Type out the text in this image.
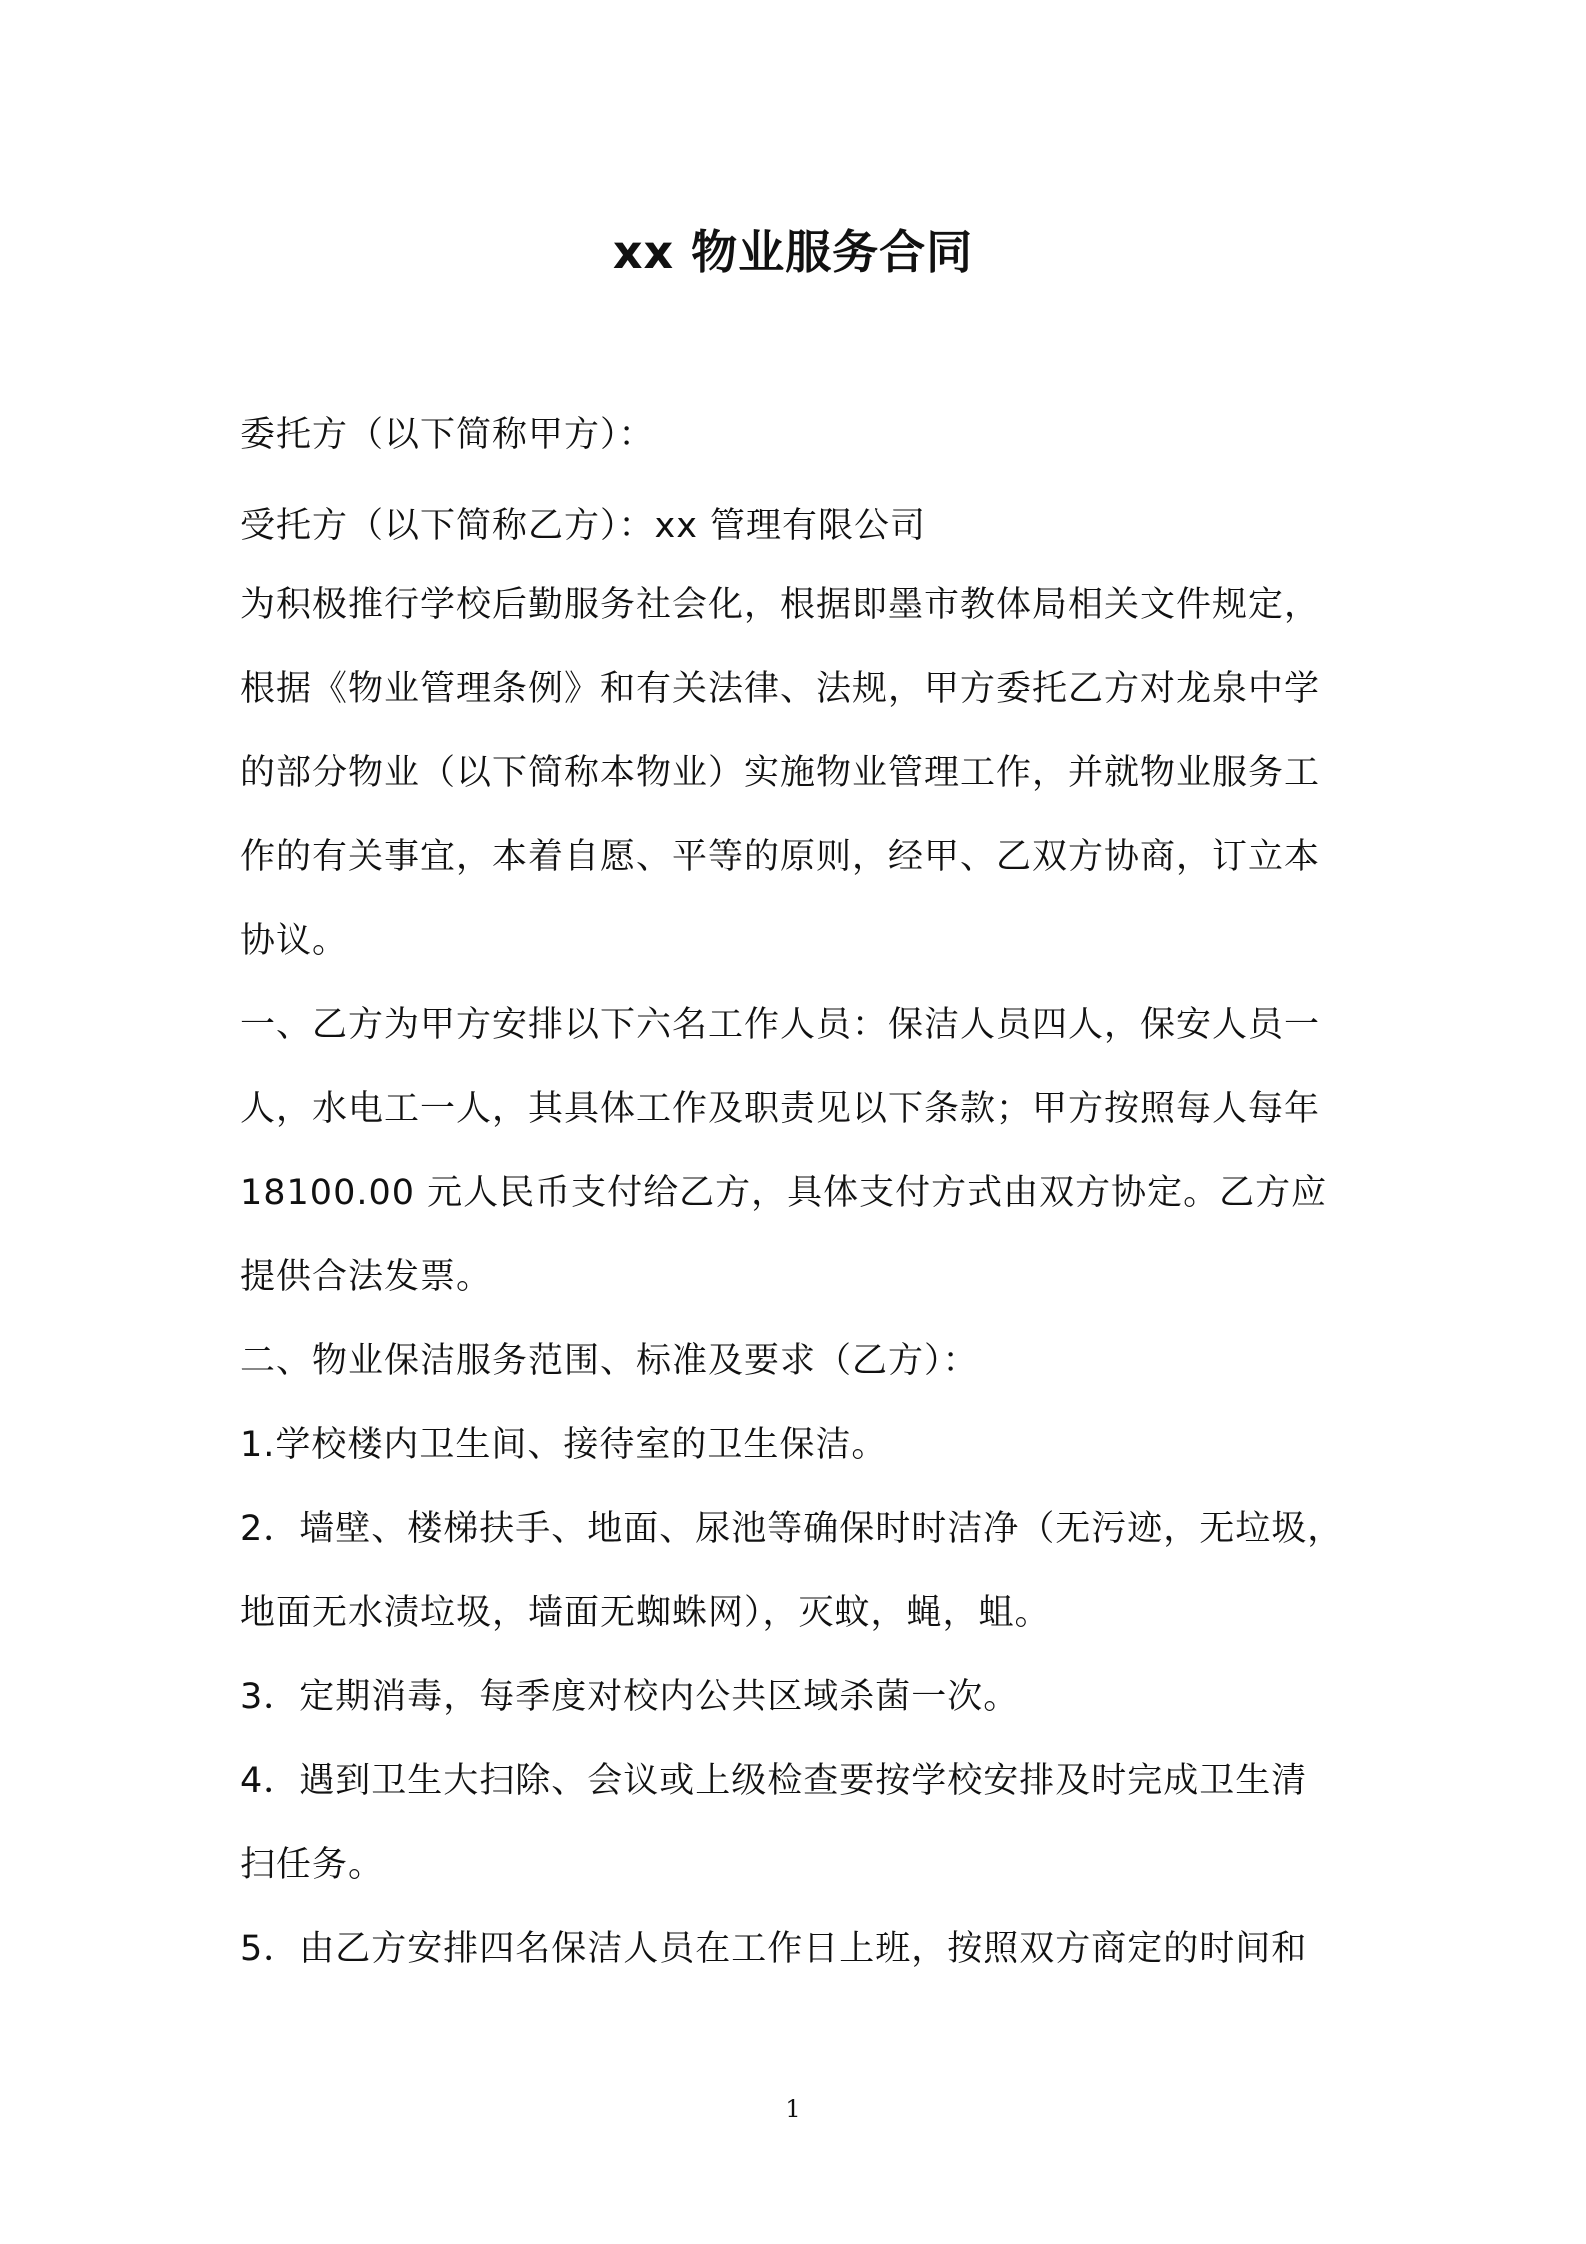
xx 物业服务合同
委托方（以下简称甲方）：
受托方（以下简称乙方）：xx 管理有限公司
为积极推行学校后勤服务社会化，根据即墨市教体局相关文件规定，
根据《物业管理条例》和有关法律、法规，甲方委托乙方对龙泉中学
的部分物业（以下简称本物业）实施物业管理工作，并就物业服务工
作的有关事宜，本着自愿、平等的原则，经甲、乙双方协商，订立本
协议。
一、乙方为甲方安排以下六名工作人员：保洁人员四人，保安人员一
人，水电工一人，其具体工作及职责见以下条款；甲方按照每人每年
18100.00 元人民币支付给乙方，具体支付方式由双方协定。乙方应
提供合法发票。
二、物业保洁服务范围、标准及要求（乙方）：
1.学校楼内卫生间、接待室的卫生保洁。
2．墙壁、楼梯扶手、地面、尿池等确保时时洁净（无污迹，无垃圾，
地面无水渍垃圾，墙面无蜘蛛网），灭蚊，蝇，蛆。
3．定期消毒，每季度对校内公共区域杀菌一次。
4．遇到卫生大扫除、会议或上级检查要按学校安排及时完成卫生清
扫任务。
5．由乙方安排四名保洁人员在工作日上班，按照双方商定的时间和
1
